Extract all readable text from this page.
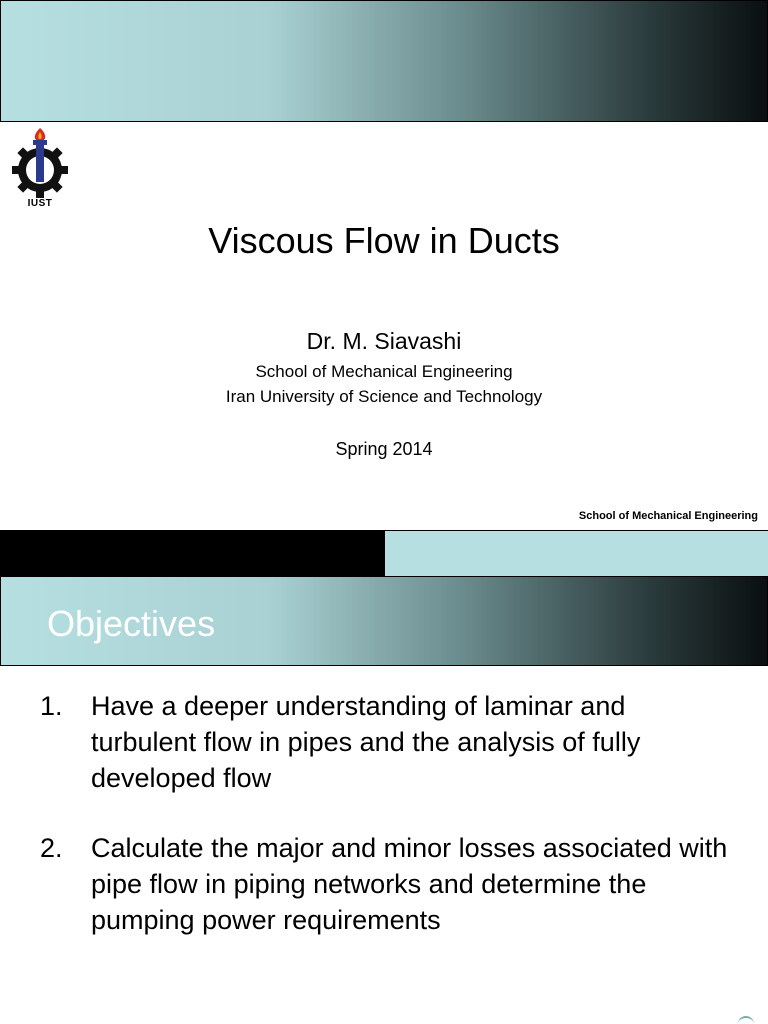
IUST
Viscous Flow in Ducts
Dr. M. Siavashi
School of Mechanical Engineering
Iran University of Science and Technology
Spring 2014
School of Mechanical Engineering
Objectives
1. Have a deeper understanding of laminar and turbulent flow in pipes and the analysis of fully developed flow
2. Calculate the major and minor losses associated with pipe flow in piping networks and determine the pumping power requirements
